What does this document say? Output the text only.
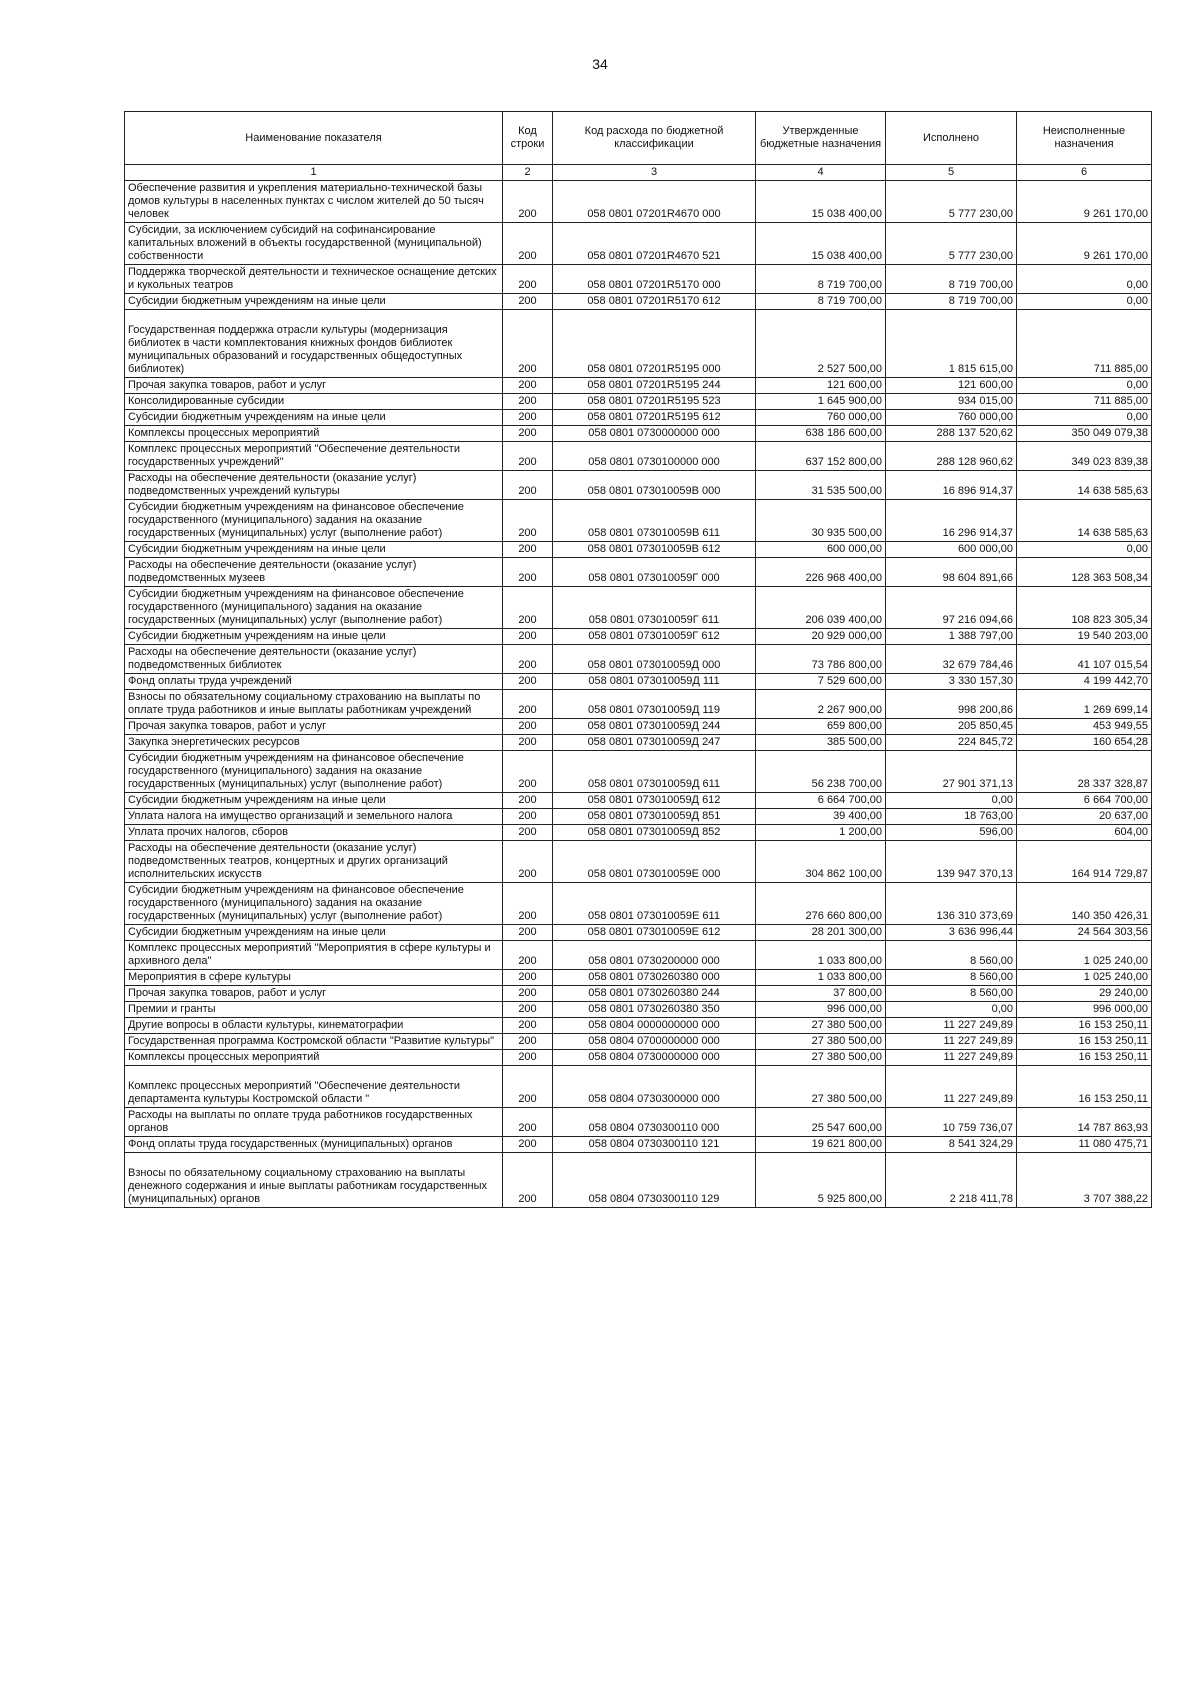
34
Наименование показателя	Код строки	Код расхода по бюджетной классификации	Утвержденные бюджетные назначения	Исполнено	Неисполненные назначения
1	2	3	4	5	6
Обеспечение развития и укрепления материально-технической базы домов культуры в населенных пунктах с числом жителей до 50 тысяч человек	200	058 0801 07201R4670 000	15 038 400,00	5 777 230,00	9 261 170,00
Субсидии, за исключением субсидий на софинансирование капитальных вложений в объекты государственной (муниципальной) собственности	200	058 0801 07201R4670 521	15 038 400,00	5 777 230,00	9 261 170,00
Поддержка творческой деятельности и техническое оснащение детских и кукольных театров	200	058 0801 07201R5170 000	8 719 700,00	8 719 700,00	0,00
Субсидии бюджетным учреждениям на иные цели	200	058 0801 07201R5170 612	8 719 700,00	8 719 700,00	0,00
Государственная поддержка отрасли культуры (модернизация библиотек в части комплектования книжных фондов библиотек муниципальных образований и государственных общедоступных библиотек)	200	058 0801 07201R5195 000	2 527 500,00	1 815 615,00	711 885,00
Прочая закупка товаров, работ и услуг	200	058 0801 07201R5195 244	121 600,00	121 600,00	0,00
Консолидированные субсидии	200	058 0801 07201R5195 523	1 645 900,00	934 015,00	711 885,00
Субсидии бюджетным учреждениям на иные цели	200	058 0801 07201R5195 612	760 000,00	760 000,00	0,00
Комплексы процессных мероприятий	200	058 0801 0730000000 000	638 186 600,00	288 137 520,62	350 049 079,38
Комплекс процессных мероприятий "Обеспечение деятельности государственных учреждений"	200	058 0801 0730100000 000	637 152 800,00	288 128 960,62	349 023 839,38
Расходы на обеспечение деятельности (оказание услуг) подведомственных учреждений культуры	200	058 0801 073010059В 000	31 535 500,00	16 896 914,37	14 638 585,63
Субсидии бюджетным учреждениям на финансовое обеспечение государственного (муниципального) задания на оказание государственных (муниципальных) услуг (выполнение работ)	200	058 0801 073010059В 611	30 935 500,00	16 296 914,37	14 638 585,63
Субсидии бюджетным учреждениям на иные цели	200	058 0801 073010059В 612	600 000,00	600 000,00	0,00
Расходы на обеспечение деятельности (оказание услуг) подведомственных музеев	200	058 0801 073010059Г 000	226 968 400,00	98 604 891,66	128 363 508,34
Субсидии бюджетным учреждениям на финансовое обеспечение государственного (муниципального) задания на оказание государственных (муниципальных) услуг (выполнение работ)	200	058 0801 073010059Г 611	206 039 400,00	97 216 094,66	108 823 305,34
Субсидии бюджетным учреждениям на иные цели	200	058 0801 073010059Г 612	20 929 000,00	1 388 797,00	19 540 203,00
Расходы на обеспечение деятельности (оказание услуг) подведомственных библиотек	200	058 0801 073010059Д 000	73 786 800,00	32 679 784,46	41 107 015,54
Фонд оплаты труда учреждений	200	058 0801 073010059Д 111	7 529 600,00	3 330 157,30	4 199 442,70
Взносы по обязательному социальному страхованию на выплаты по оплате труда работников и иные выплаты работникам учреждений	200	058 0801 073010059Д 119	2 267 900,00	998 200,86	1 269 699,14
Прочая закупка товаров, работ и услуг	200	058 0801 073010059Д 244	659 800,00	205 850,45	453 949,55
Закупка энергетических ресурсов	200	058 0801 073010059Д 247	385 500,00	224 845,72	160 654,28
Субсидии бюджетным учреждениям на финансовое обеспечение государственного (муниципального) задания на оказание государственных (муниципальных) услуг (выполнение работ)	200	058 0801 073010059Д 611	56 238 700,00	27 901 371,13	28 337 328,87
Субсидии бюджетным учреждениям на иные цели	200	058 0801 073010059Д 612	6 664 700,00	0,00	6 664 700,00
Уплата налога на имущество организаций и земельного налога	200	058 0801 073010059Д 851	39 400,00	18 763,00	20 637,00
Уплата прочих налогов, сборов	200	058 0801 073010059Д 852	1 200,00	596,00	604,00
Расходы на обеспечение деятельности (оказание услуг) подведомственных театров, концертных и других организаций исполнительских искусств	200	058 0801 073010059Е 000	304 862 100,00	139 947 370,13	164 914 729,87
Субсидии бюджетным учреждениям на финансовое обеспечение государственного (муниципального) задания на оказание государственных (муниципальных) услуг (выполнение работ)	200	058 0801 073010059Е 611	276 660 800,00	136 310 373,69	140 350 426,31
Субсидии бюджетным учреждениям на иные цели	200	058 0801 073010059Е 612	28 201 300,00	3 636 996,44	24 564 303,56
Комплекс процессных мероприятий "Мероприятия в сфере культуры и архивного дела"	200	058 0801 0730200000 000	1 033 800,00	8 560,00	1 025 240,00
Мероприятия в сфере культуры	200	058 0801 0730260380 000	1 033 800,00	8 560,00	1 025 240,00
Прочая закупка товаров, работ и услуг	200	058 0801 0730260380 244	37 800,00	8 560,00	29 240,00
Премии и гранты	200	058 0801 0730260380 350	996 000,00	0,00	996 000,00
Другие вопросы в области культуры, кинематографии	200	058 0804 0000000000 000	27 380 500,00	11 227 249,89	16 153 250,11
Государственная программа Костромской области "Развитие культуры"	200	058 0804 0700000000 000	27 380 500,00	11 227 249,89	16 153 250,11
Комплексы процессных мероприятий	200	058 0804 0730000000 000	27 380 500,00	11 227 249,89	16 153 250,11
Комплекс процессных мероприятий "Обеспечение деятельности департамента культуры Костромской области "	200	058 0804 0730300000 000	27 380 500,00	11 227 249,89	16 153 250,11
Расходы на выплаты по оплате труда работников государственных органов	200	058 0804 0730300110 000	25 547 600,00	10 759 736,07	14 787 863,93
Фонд оплаты труда государственных (муниципальных) органов	200	058 0804 0730300110 121	19 621 800,00	8 541 324,29	11 080 475,71
Взносы по обязательному социальному страхованию на выплаты денежного содержания и иные выплаты работникам государственных (муниципальных) органов	200	058 0804 0730300110 129	5 925 800,00	2 218 411,78	3 707 388,22
